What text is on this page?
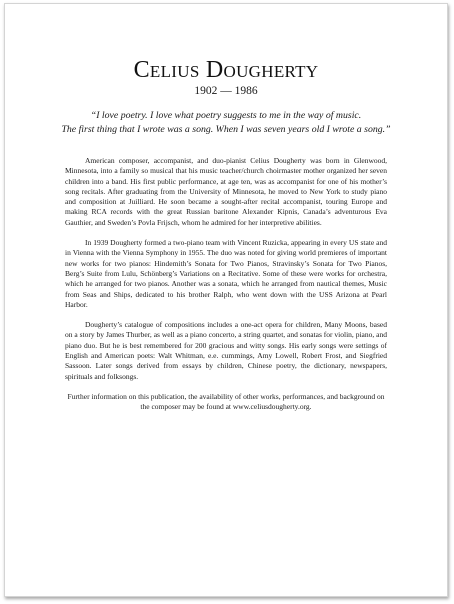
Celius Dougherty
1902 — 1986
“I love poetry. I love what poetry suggests to me in the way of music.
The first thing that I wrote was a song. When I was seven years old I wrote a song.”

American composer, accompanist, and duo-pianist Celius Dougherty was born in Glenwood, Minnesota, into a family so musical that his music teacher/church choirmaster mother organized her seven children into a band. His first public performance, at age ten, was as accompanist for one of his mother’s song recitals. After graduating from the University of Minnesota, he moved to New York to study piano and composition at Juilliard. He soon became a sought-after recital accompanist, touring Europe and making RCA records with the great Russian baritone Alexander Kipnis, Canada’s adventurous Eva Gauthier, and Sweden’s Povla Frijsch, whom he admired for her interpretive abilities.

In 1939 Dougherty formed a two-piano team with Vincent Ruzicka, appearing in every US state and in Vienna with the Vienna Symphony in 1955. The duo was noted for giving world premieres of important new works for two pianos: Hindemith’s Sonata for Two Pianos, Stravinsky’s Sonata for Two Pianos, Berg’s Suite from Lulu, Schönberg’s Variations on a Recitative. Some of these were works for orchestra, which he arranged for two pianos. Another was a sonata, which he arranged from nautical themes, Music from Seas and Ships, dedicated to his brother Ralph, who went down with the USS Arizona at Pearl Harbor.

Dougherty’s catalogue of compositions includes a one-act opera for children, Many Moons, based on a story by James Thurber, as well as a piano concerto, a string quartet, and sonatas for violin, piano, and piano duo. But he is best remembered for 200 gracious and witty songs. His early songs were settings of English and American poets: Walt Whitman, e.e. cummings, Amy Lowell, Robert Frost, and Siegfried Sassoon. Later songs derived from essays by children, Chinese poetry, the dictionary, newspapers, spirituals and folksongs.

Further information on this publication, the availability of other works, performances, and background on the composer may be found at www.celiusdougherty.org.
